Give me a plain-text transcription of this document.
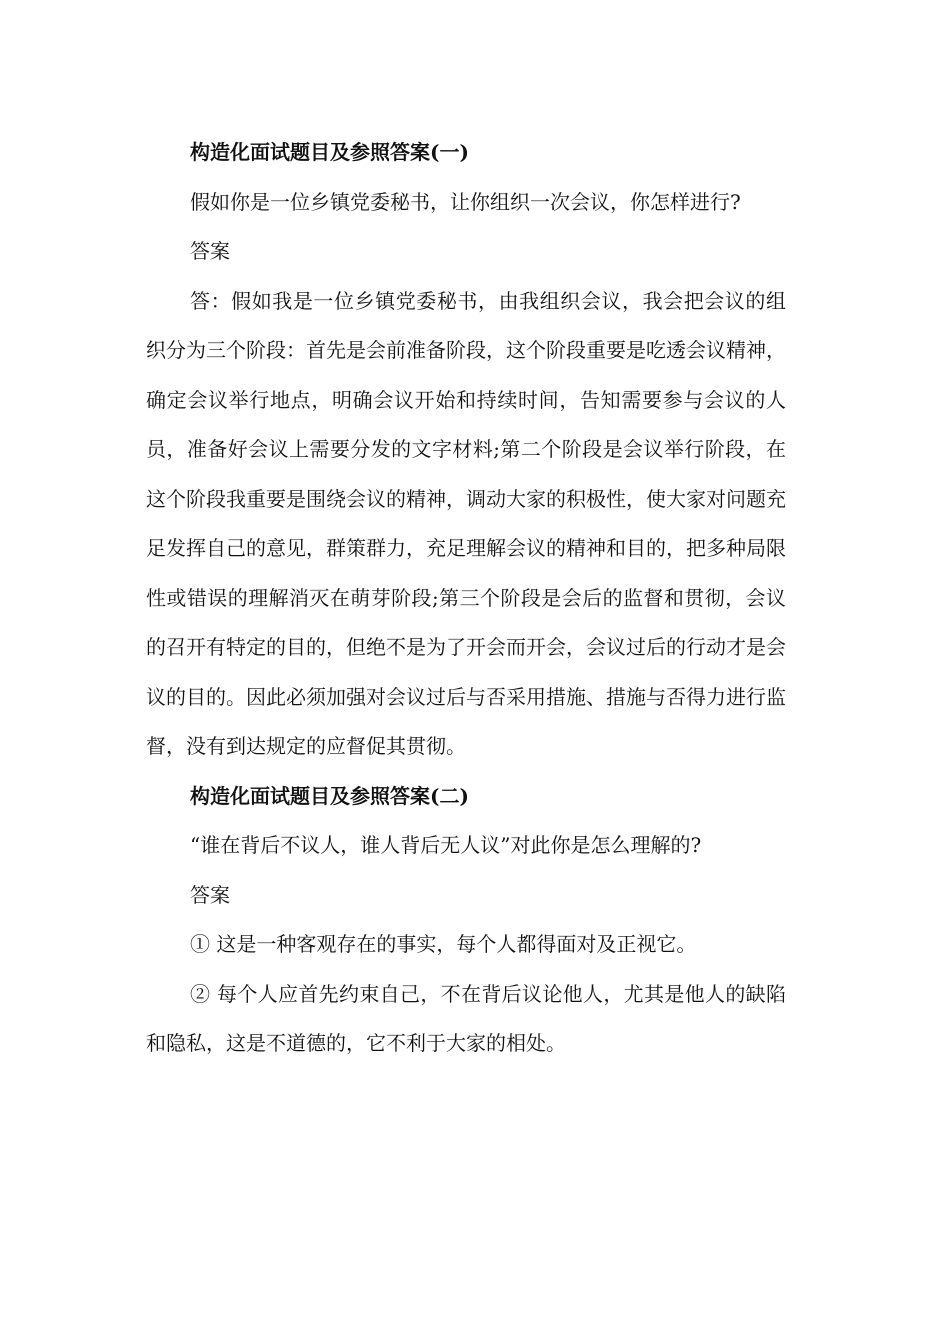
构造化面试题目及参照答案(一)

假如你是一位乡镇党委秘书，让你组织一次会议，你怎样进行?

答案

答：假如我是一位乡镇党委秘书，由我组织会议，我会把会议的组织分为三个阶段：首先是会前准备阶段，这个阶段重要是吃透会议精神，确定会议举行地点，明确会议开始和持续时间，告知需要参与会议的人员，准备好会议上需要分发的文字材料;第二个阶段是会议举行阶段，在这个阶段我重要是围绕会议的精神，调动大家的积极性，使大家对问题充足发挥自己的意见，群策群力，充足理解会议的精神和目的，把多种局限性或错误的理解消灭在萌芽阶段;第三个阶段是会后的监督和贯彻，会议的召开有特定的目的，但绝不是为了开会而开会，会议过后的行动才是会议的目的。因此必须加强对会议过后与否采用措施、措施与否得力进行监督，没有到达规定的应督促其贯彻。

构造化面试题目及参照答案(二)

“谁在背后不议人，谁人背后无人议”对此你是怎么理解的?

答案

① 这是一种客观存在的事实，每个人都得面对及正视它。

② 每个人应首先约束自己，不在背后议论他人，尤其是他人的缺陷和隐私，这是不道德的，它不利于大家的相处。
